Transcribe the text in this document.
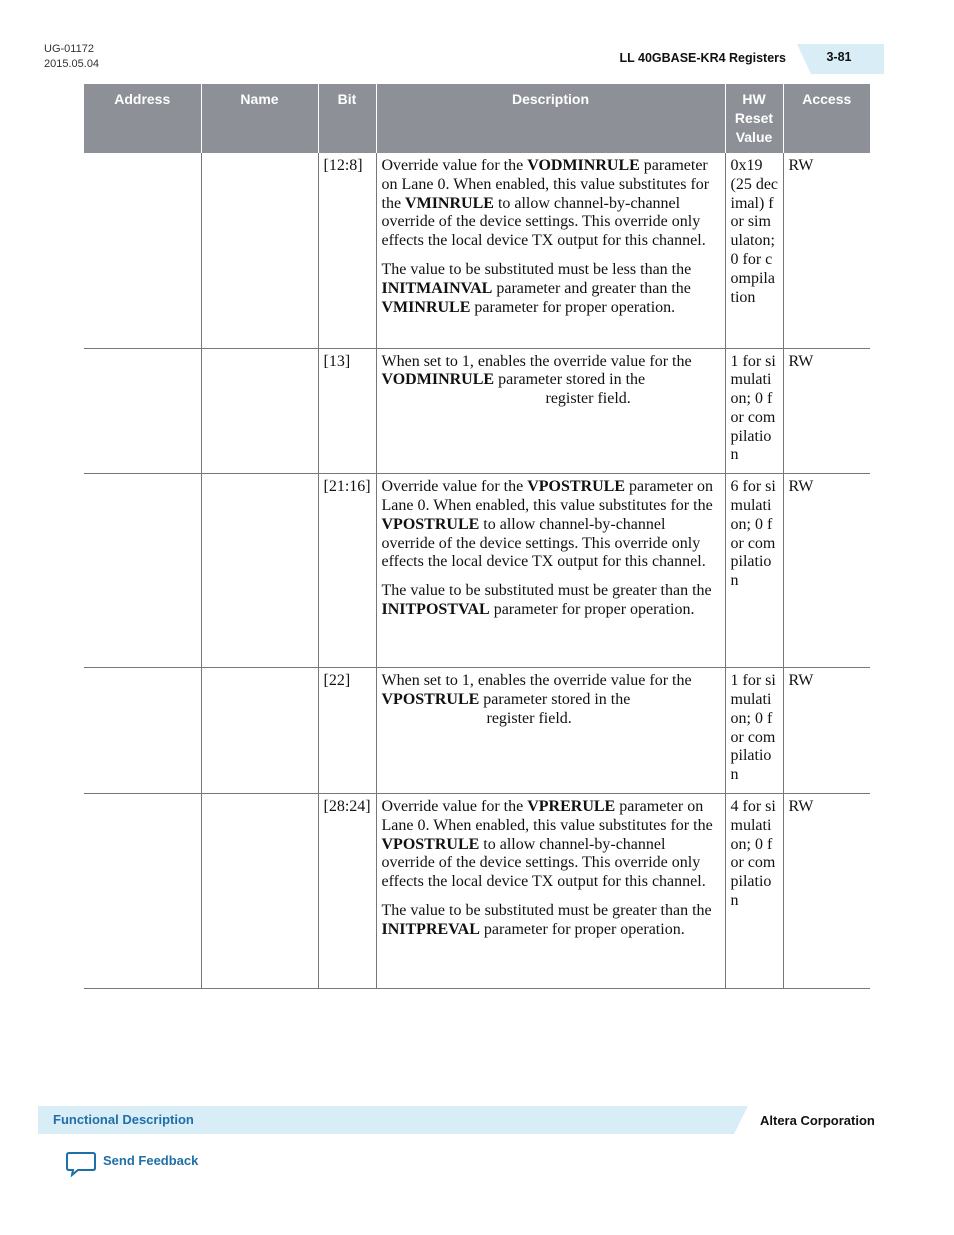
UG-01172
2015.05.04	LL 40GBASE-KR4 Registers	3-81
Address	Name	Bit	Description	HW Reset Value	Access
		[12:8]	Override value for the VODMINRULE parameter on Lane 0. When enabled, this value substitutes for the VMINRULE to allow channel-by-channel override of the device settings. This override only effects the local device TX output for this channel.

The value to be substituted must be less than the INITMAINVAL parameter and greater than the VMINRULE parameter for proper operation.	0x19 (25 decimal) for simulaton; 0 for compilation	RW
		[13]	When set to 1, enables the override value for the VODMINRULE parameter stored in the
register field.	1 for simulation; 0 for compilation	RW
		[21:16]	Override value for the VPOSTRULE parameter on Lane 0. When enabled, this value substitutes for the VPOSTRULE to allow channel-by-channel override of the device settings. This override only effects the local device TX output for this channel.

The value to be substituted must be greater than the INITPOSTVAL parameter for proper operation.	6 for simulation; 0 for compilation	RW
		[22]	When set to 1, enables the override value for the VPOSTRULE parameter stored in the
register field.	1 for simulation; 0 for compilation	RW
		[28:24]	Override value for the VPRERULE parameter on Lane 0. When enabled, this value substitutes for the VPOSTRULE to allow channel-by-channel override of the device settings. This override only effects the local device TX output for this channel.

The value to be substituted must be greater than the INITPREVAL parameter for proper operation.	4 for simulation; 0 for compilation	RW
Functional Description	Altera Corporation
Send Feedback
